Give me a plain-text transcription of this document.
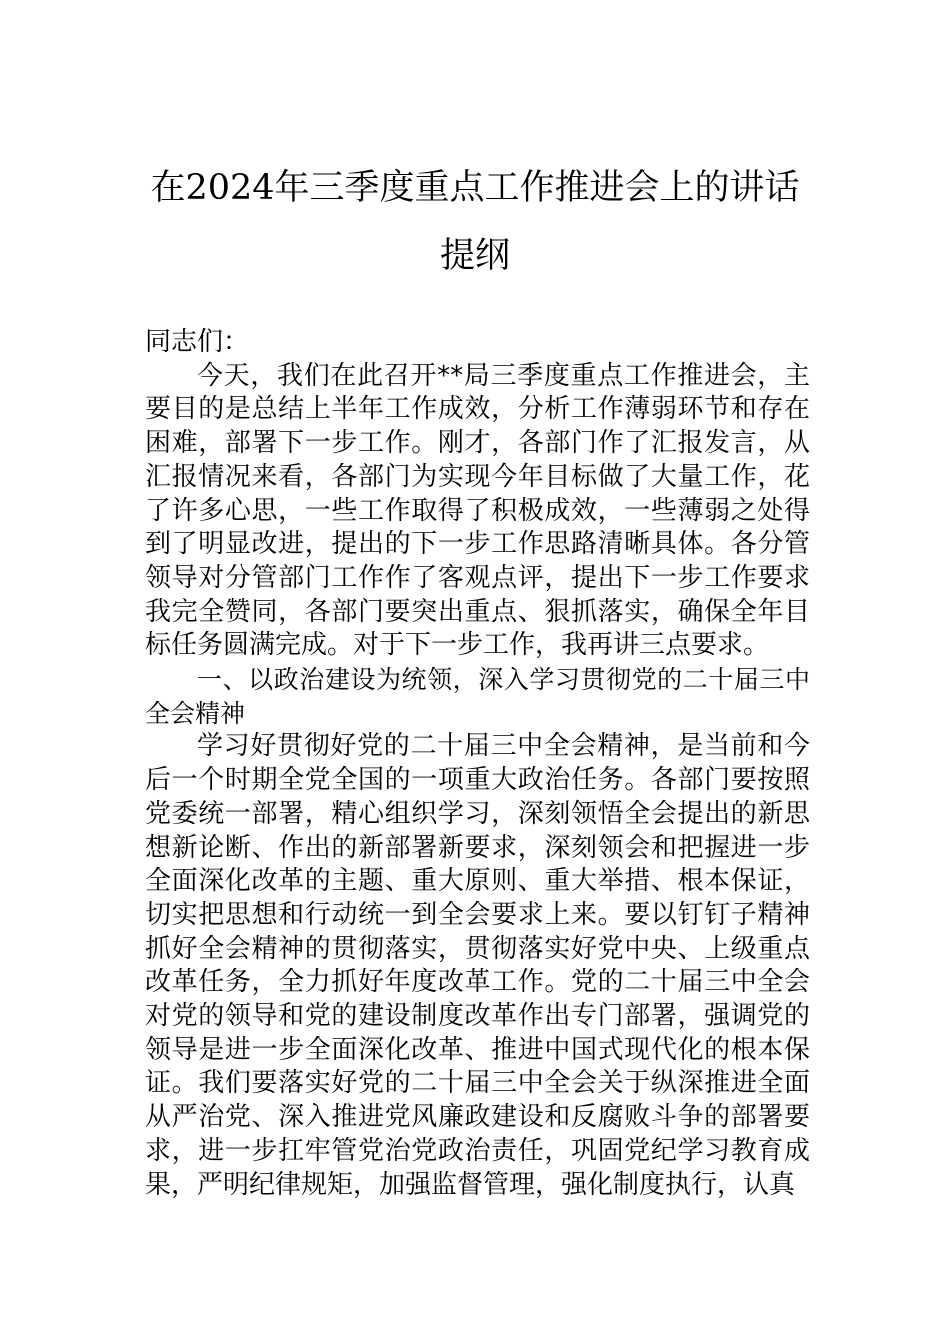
在2024年三季度重点工作推进会上的讲话
提纲

同志们：

今天，我们在此召开**局三季度重点工作推进会，主要目的是总结上半年工作成效，分析工作薄弱环节和存在困难，部署下一步工作。刚才，各部门作了汇报发言，从汇报情况来看，各部门为实现今年目标做了大量工作，花了许多心思，一些工作取得了积极成效，一些薄弱之处得到了明显改进，提出的下一步工作思路清晰具体。各分管领导对分管部门工作作了客观点评，提出下一步工作要求我完全赞同，各部门要突出重点、狠抓落实，确保全年目标任务圆满完成。对于下一步工作，我再讲三点要求。

一、以政治建设为统领，深入学习贯彻党的二十届三中全会精神

学习好贯彻好党的二十届三中全会精神，是当前和今后一个时期全党全国的一项重大政治任务。各部门要按照党委统一部署，精心组织学习，深刻领悟全会提出的新思想新论断、作出的新部署新要求，深刻领会和把握进一步全面深化改革的主题、重大原则、重大举措、根本保证，切实把思想和行动统一到全会要求上来。要以钉钉子精神抓好全会精神的贯彻落实，贯彻落实好党中央、上级重点改革任务，全力抓好年度改革工作。党的二十届三中全会对党的领导和党的建设制度改革作出专门部署，强调党的领导是进一步全面深化改革、推进中国式现代化的根本保证。我们要落实好党的二十届三中全会关于纵深推进全面从严治党、深入推进党风廉政建设和反腐败斗争的部署要求，进一步扛牢管党治党政治责任，巩固党纪学习教育成果，严明纪律规矩，加强监督管理，强化制度执行，认真
